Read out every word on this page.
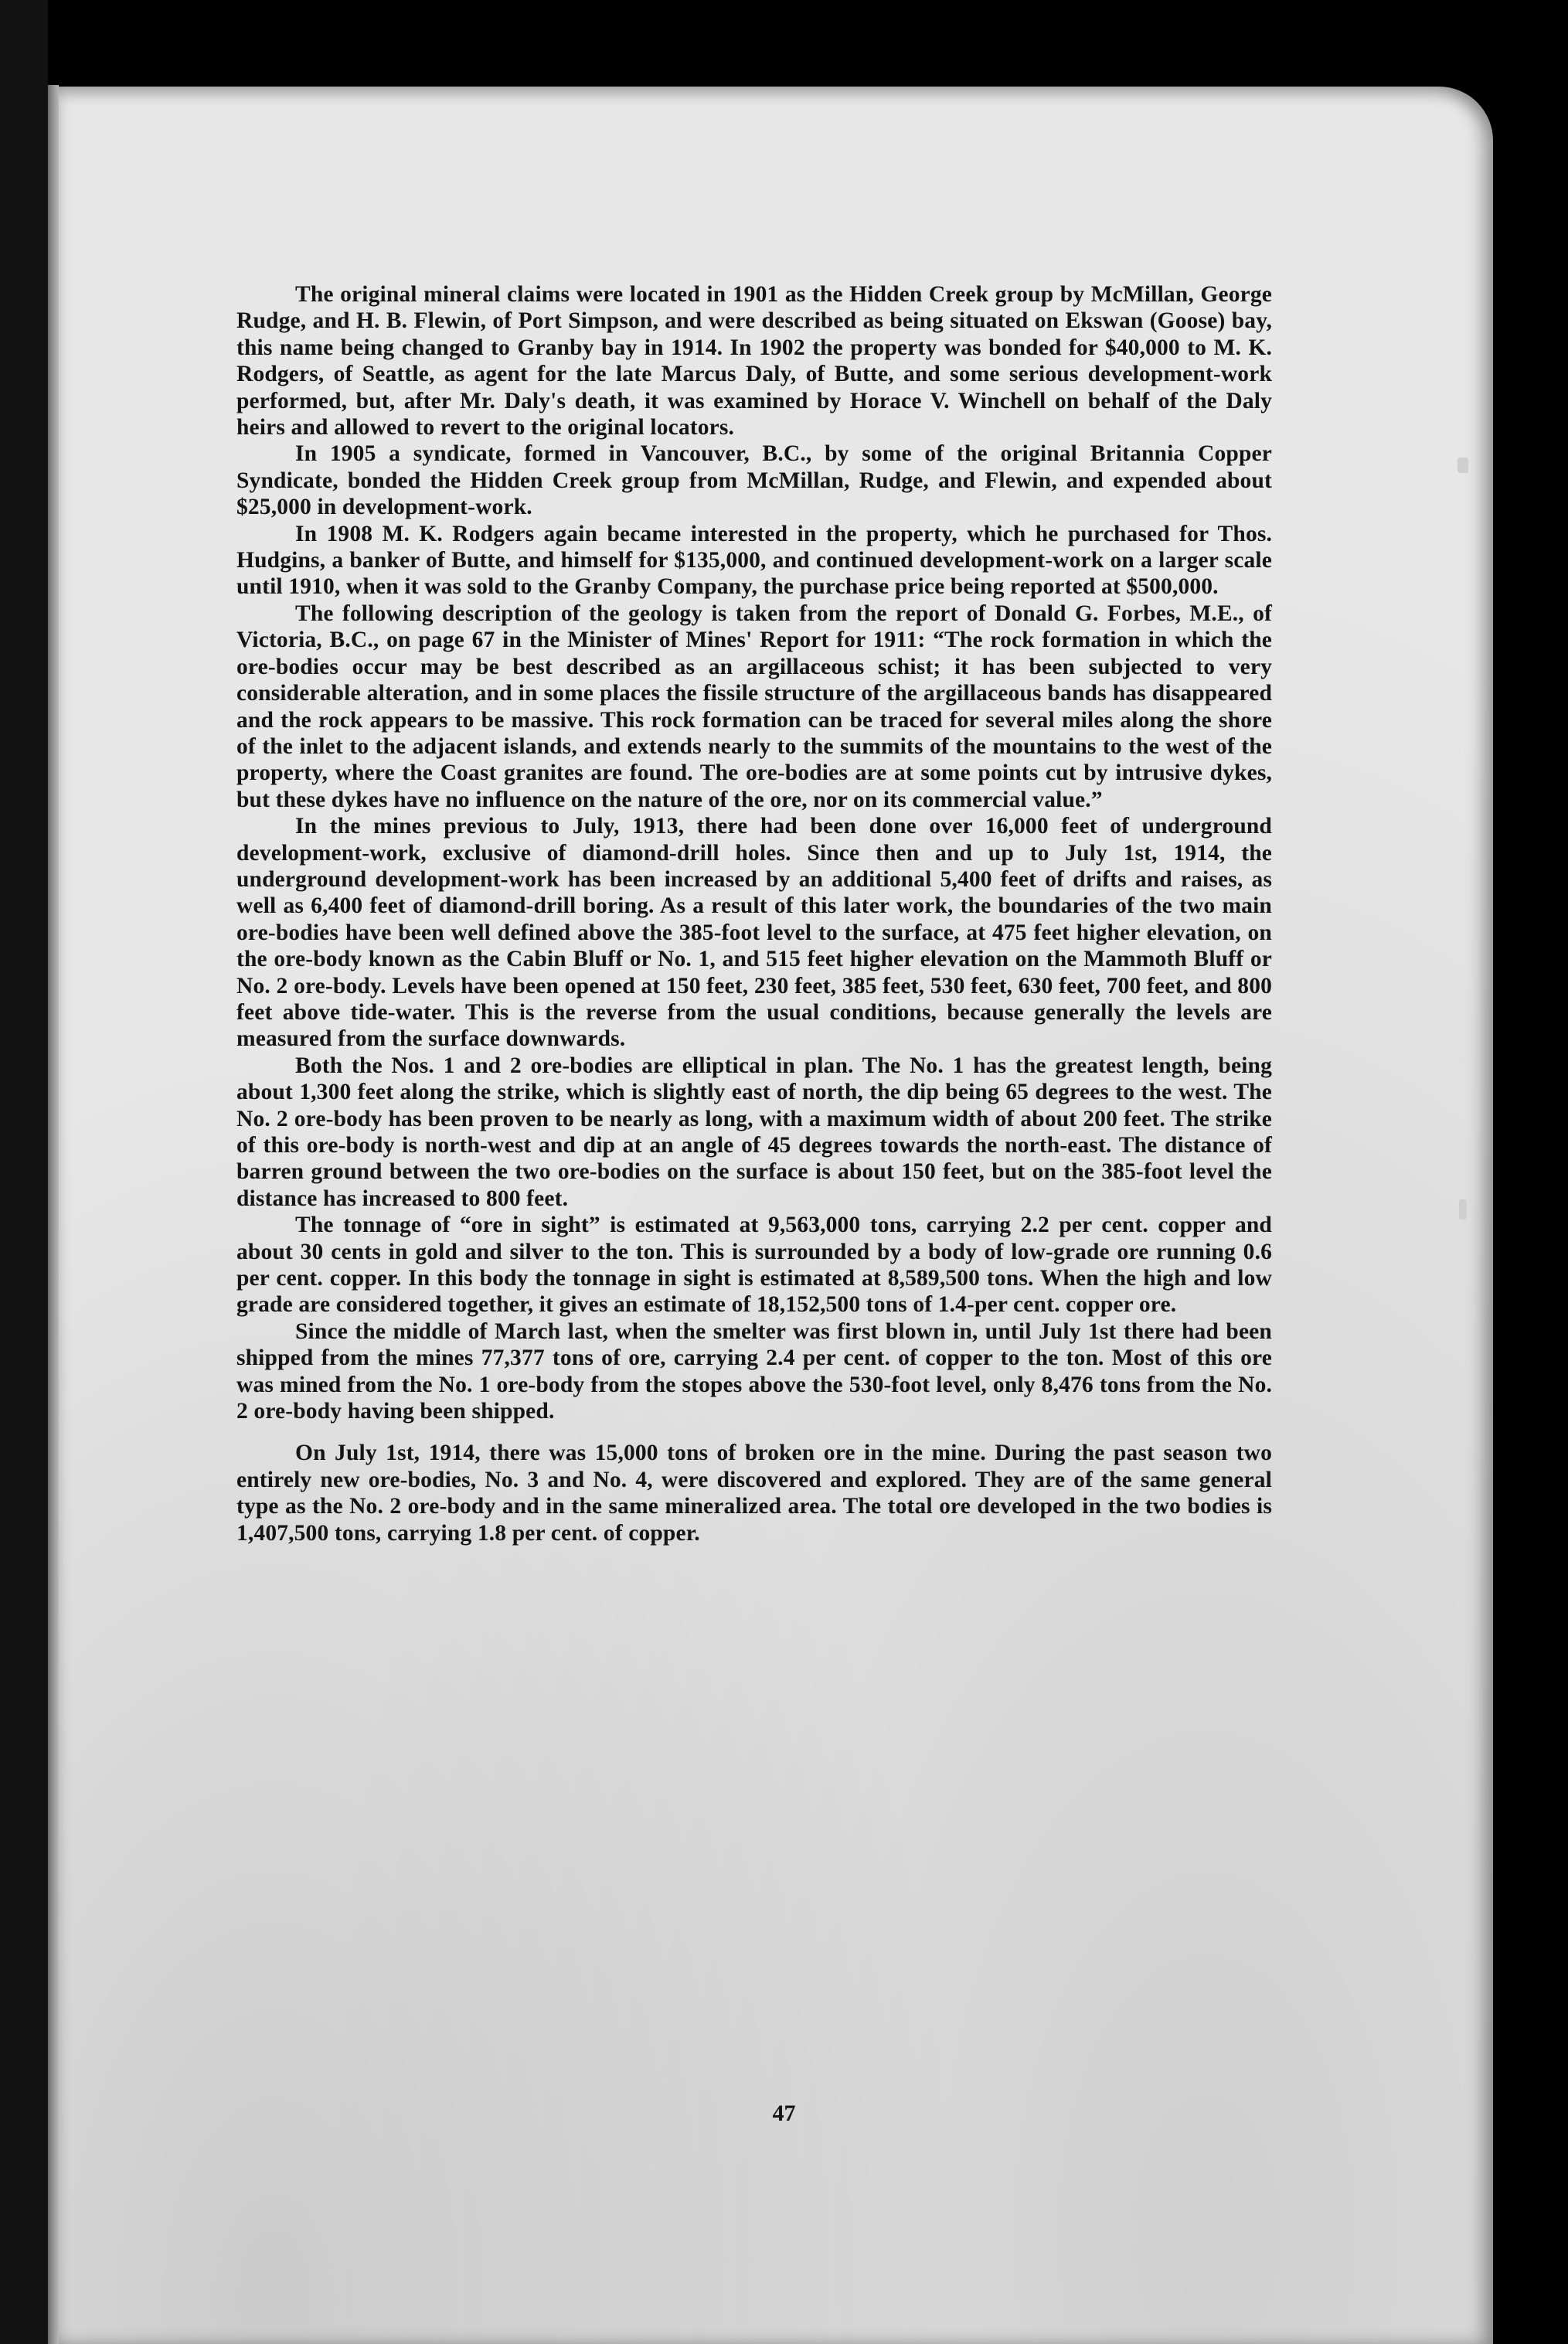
The original mineral claims were located in 1901 as the Hidden Creek group by McMillan, George Rudge, and H. B. Flewin, of Port Simpson, and were described as being situated on Ekswan (Goose) bay, this name being changed to Granby bay in 1914. In 1902 the property was bonded for $40,000 to M. K. Rodgers, of Seattle, as agent for the late Marcus Daly, of Butte, and some serious development-work performed, but, after Mr. Daly's death, it was examined by Horace V. Winchell on behalf of the Daly heirs and allowed to revert to the original locators.

In 1905 a syndicate, formed in Vancouver, B.C., by some of the original Britannia Copper Syndicate, bonded the Hidden Creek group from McMillan, Rudge, and Flewin, and expended about $25,000 in development-work.

In 1908 M. K. Rodgers again became interested in the property, which he purchased for Thos. Hudgins, a banker of Butte, and himself for $135,000, and continued development-work on a larger scale until 1910, when it was sold to the Granby Company, the purchase price being reported at $500,000.

The following description of the geology is taken from the report of Donald G. Forbes, M.E., of Victoria, B.C., on page 67 in the Minister of Mines' Report for 1911: “The rock formation in which the ore-bodies occur may be best described as an argillaceous schist; it has been subjected to very considerable alteration, and in some places the fissile structure of the argillaceous bands has disappeared and the rock appears to be massive. This rock formation can be traced for several miles along the shore of the inlet to the adjacent islands, and extends nearly to the summits of the mountains to the west of the property, where the Coast granites are found. The ore-bodies are at some points cut by intrusive dykes, but these dykes have no influence on the nature of the ore, nor on its commercial value.”

In the mines previous to July, 1913, there had been done over 16,000 feet of underground development-work, exclusive of diamond-drill holes. Since then and up to July 1st, 1914, the underground development-work has been increased by an additional 5,400 feet of drifts and raises, as well as 6,400 feet of diamond-drill boring. As a result of this later work, the boundaries of the two main ore-bodies have been well defined above the 385-foot level to the surface, at 475 feet higher elevation, on the ore-body known as the Cabin Bluff or No. 1, and 515 feet higher elevation on the Mammoth Bluff or No. 2 ore-body. Levels have been opened at 150 feet, 230 feet, 385 feet, 530 feet, 630 feet, 700 feet, and 800 feet above tide-water. This is the reverse from the usual conditions, because generally the levels are measured from the surface downwards.

Both the Nos. 1 and 2 ore-bodies are elliptical in plan. The No. 1 has the greatest length, being about 1,300 feet along the strike, which is slightly east of north, the dip being 65 degrees to the west. The No. 2 ore-body has been proven to be nearly as long, with a maximum width of about 200 feet. The strike of this ore-body is north-west and dip at an angle of 45 degrees towards the north-east. The distance of barren ground between the two ore-bodies on the surface is about 150 feet, but on the 385-foot level the distance has increased to 800 feet.

The tonnage of “ore in sight” is estimated at 9,563,000 tons, carrying 2.2 per cent. copper and about 30 cents in gold and silver to the ton. This is surrounded by a body of low-grade ore running 0.6 per cent. copper. In this body the tonnage in sight is estimated at 8,589,500 tons. When the high and low grade are considered together, it gives an estimate of 18,152,500 tons of 1.4-per cent. copper ore.

Since the middle of March last, when the smelter was first blown in, until July 1st there had been shipped from the mines 77,377 tons of ore, carrying 2.4 per cent. of copper to the ton. Most of this ore was mined from the No. 1 ore-body from the stopes above the 530-foot level, only 8,476 tons from the No. 2 ore-body having been shipped.

On July 1st, 1914, there was 15,000 tons of broken ore in the mine. During the past season two entirely new ore-bodies, No. 3 and No. 4, were discovered and explored. They are of the same general type as the No. 2 ore-body and in the same mineralized area. The total ore developed in the two bodies is 1,407,500 tons, carrying 1.8 per cent. of copper.

47
